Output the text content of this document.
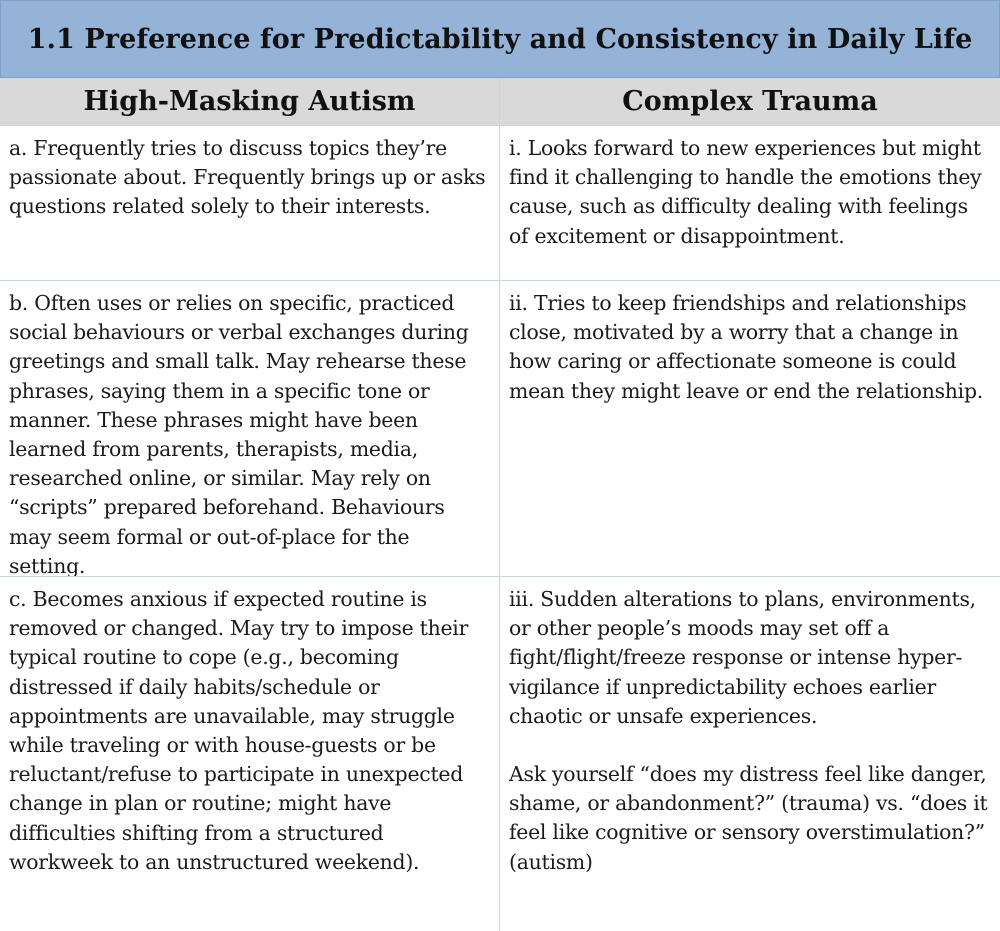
1.1 Preference for Predictability and Consistency in Daily Life
High-Masking Autism	Complex Trauma

a. Frequently tries to discuss topics they’re passionate about. Frequently brings up or asks questions related solely to their interests.

i. Looks forward to new experiences but might find it challenging to handle the emotions they cause, such as difficulty dealing with feelings of excitement or disappointment.

b. Often uses or relies on specific, practiced social behaviours or verbal exchanges during greetings and small talk. May rehearse these phrases, saying them in a specific tone or manner. These phrases might have been learned from parents, therapists, media, researched online, or similar. May rely on “scripts” prepared beforehand. Behaviours may seem formal or out-of-place for the setting.

ii. Tries to keep friendships and relationships close, motivated by a worry that a change in how caring or affectionate someone is could mean they might leave or end the relationship.

c. Becomes anxious if expected routine is removed or changed. May try to impose their typical routine to cope (e.g., becoming distressed if daily habits/schedule or appointments are unavailable, may struggle while traveling or with house-guests or be reluctant/refuse to participate in unexpected change in plan or routine; might have difficulties shifting from a structured workweek to an unstructured weekend).

iii. Sudden alterations to plans, environments, or other people’s moods may set off a fight/flight/freeze response or intense hyper-vigilance if unpredictability echoes earlier chaotic or unsafe experiences.

Ask yourself “does my distress feel like danger, shame, or abandonment?” (trauma) vs. “does it feel like cognitive or sensory overstimulation?” (autism)
